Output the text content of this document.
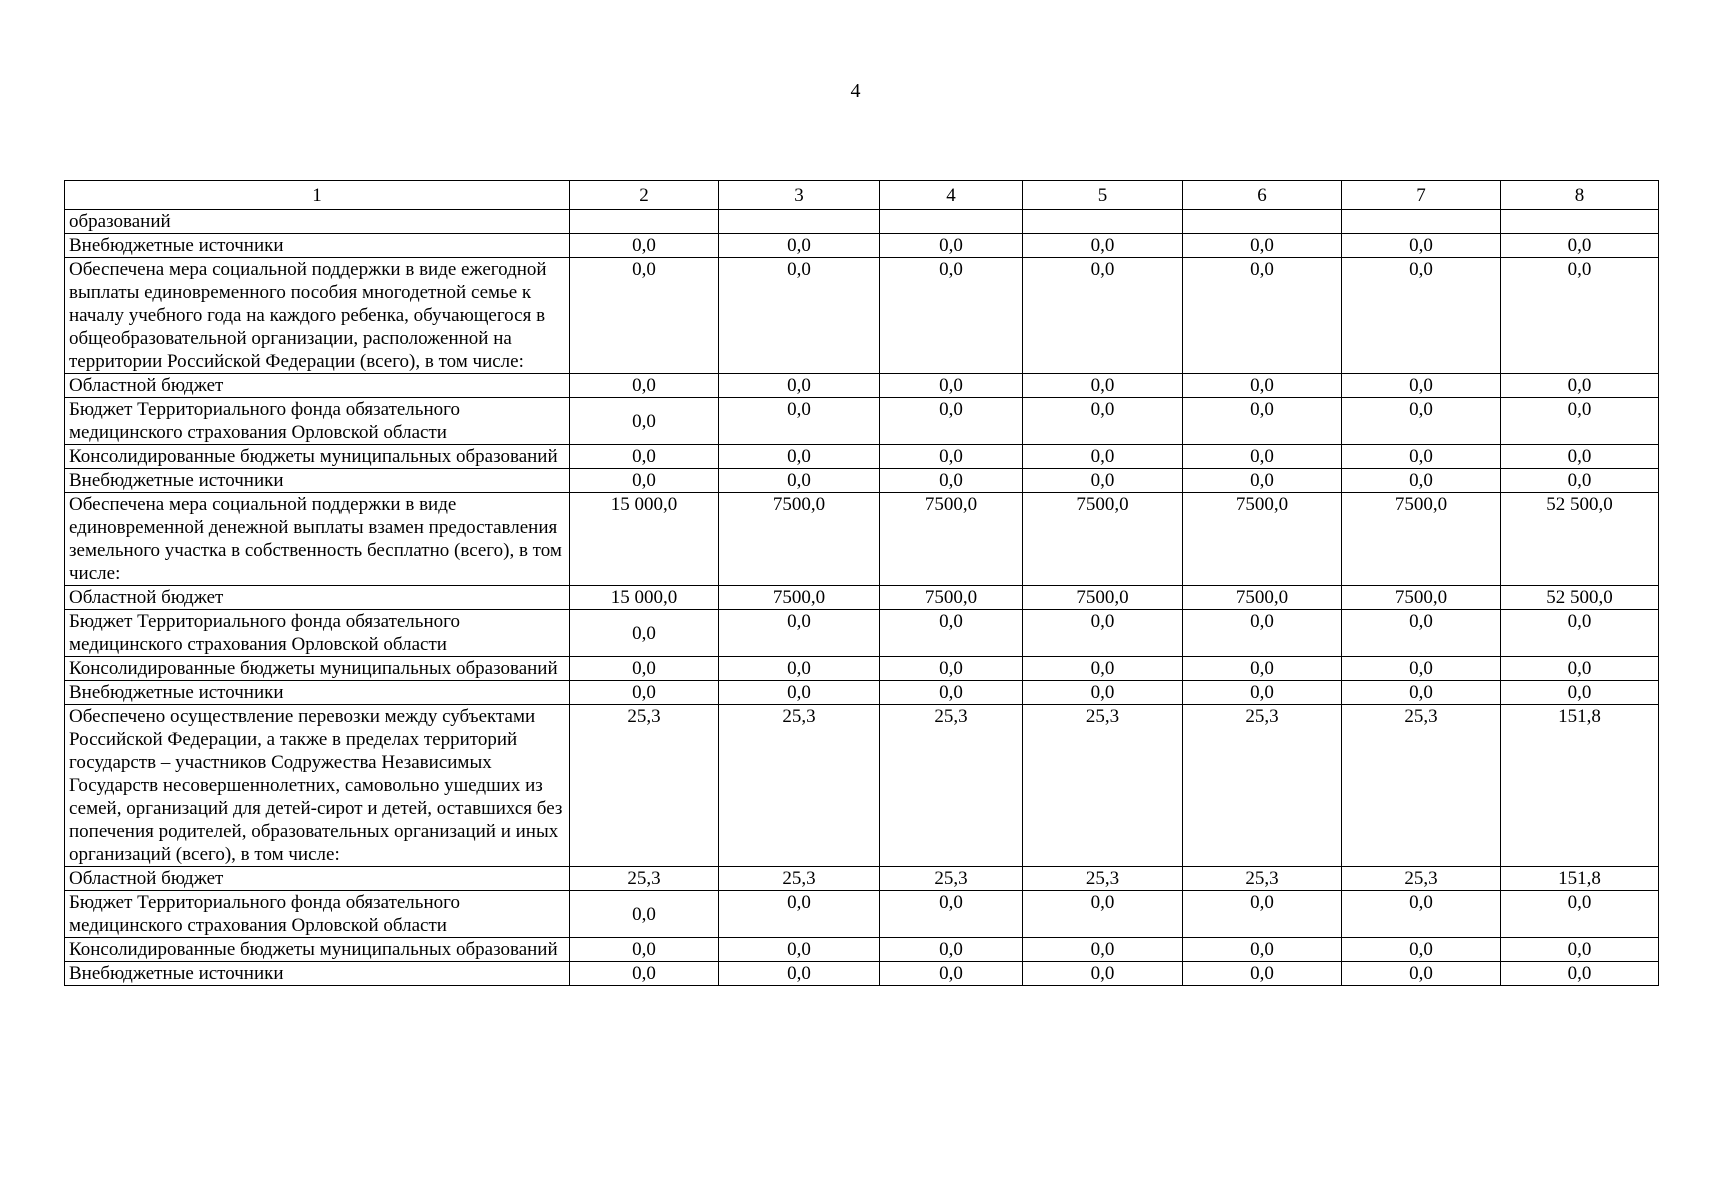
4
1	2	3	4	5	6	7	8
образований							
Внебюджетные источники	0,0	0,0	0,0	0,0	0,0	0,0	0,0
Обеспечена мера социальной поддержки в виде ежегодной выплаты единовременного пособия многодетной семье к началу учебного года на каждого ребенка, обучающегося в общеобразовательной организации, расположенной на территории Российской Федерации (всего), в том числе:	0,0	0,0	0,0	0,0	0,0	0,0	0,0
Областной бюджет	0,0	0,0	0,0	0,0	0,0	0,0	0,0
Бюджет Территориального фонда обязательного медицинского страхования Орловской области	0,0	0,0	0,0	0,0	0,0	0,0	0,0
Консолидированные бюджеты муниципальных образований	0,0	0,0	0,0	0,0	0,0	0,0	0,0
Внебюджетные источники	0,0	0,0	0,0	0,0	0,0	0,0	0,0
Обеспечена мера социальной поддержки в виде единовременной денежной выплаты взамен предоставления земельного участка в собственность бесплатно (всего), в том числе:	15 000,0	7500,0	7500,0	7500,0	7500,0	7500,0	52 500,0
Областной бюджет	15 000,0	7500,0	7500,0	7500,0	7500,0	7500,0	52 500,0
Бюджет Территориального фонда обязательного медицинского страхования Орловской области	0,0	0,0	0,0	0,0	0,0	0,0	0,0
Консолидированные бюджеты муниципальных образований	0,0	0,0	0,0	0,0	0,0	0,0	0,0
Внебюджетные источники	0,0	0,0	0,0	0,0	0,0	0,0	0,0
Обеспечено осуществление перевозки между субъектами Российской Федерации, а также в пределах территорий государств – участников Содружества Независимых Государств несовершеннолетних, самовольно ушедших из семей, организаций для детей-сирот и детей, оставшихся без попечения родителей, образовательных организаций и иных организаций (всего), в том числе:	25,3	25,3	25,3	25,3	25,3	25,3	151,8
Областной бюджет	25,3	25,3	25,3	25,3	25,3	25,3	151,8
Бюджет Территориального фонда обязательного медицинского страхования Орловской области	0,0	0,0	0,0	0,0	0,0	0,0	0,0
Консолидированные бюджеты муниципальных образований	0,0	0,0	0,0	0,0	0,0	0,0	0,0
Внебюджетные источники	0,0	0,0	0,0	0,0	0,0	0,0	0,0
